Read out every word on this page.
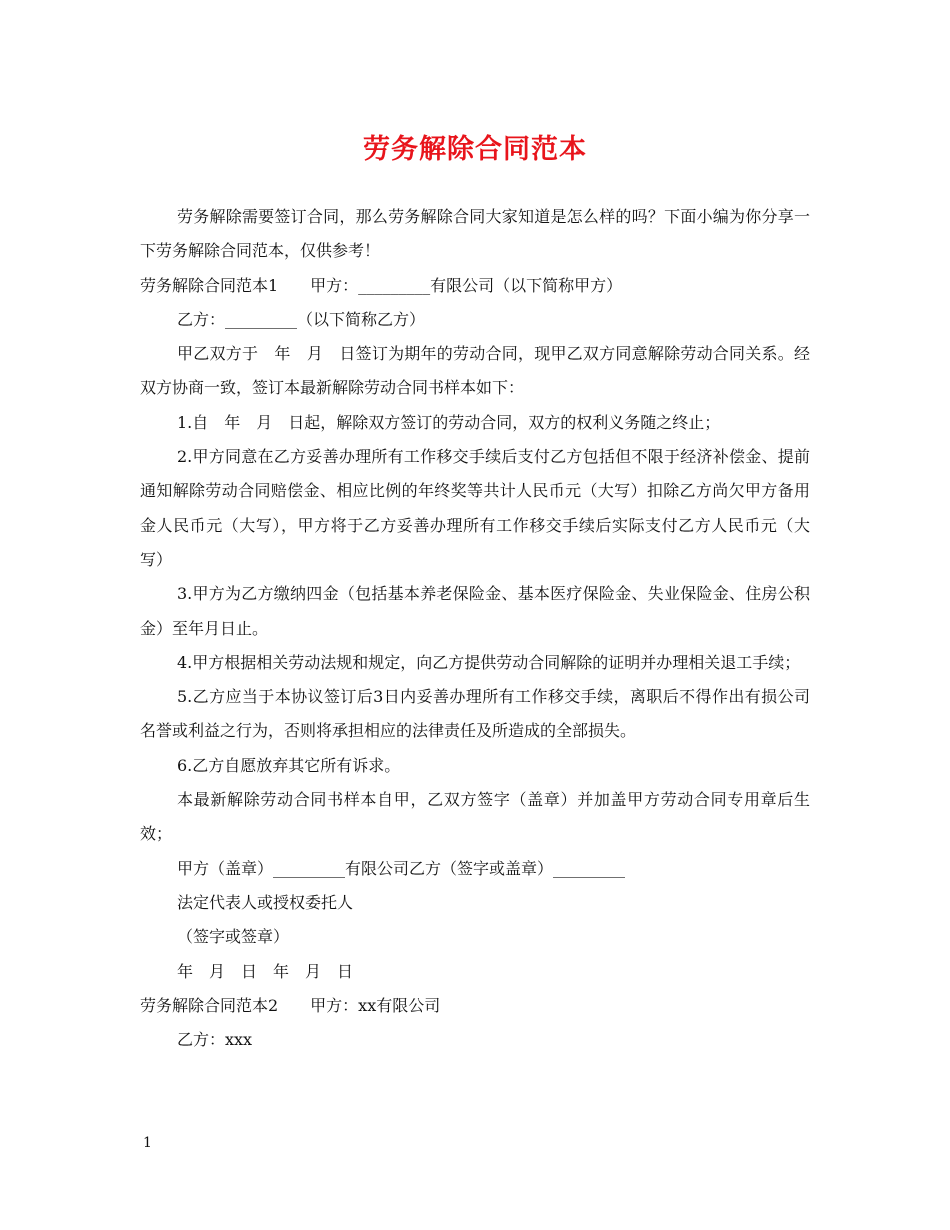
劳务解除合同范本

劳务解除需要签订合同，那么劳务解除合同大家知道是怎么样的吗？下面小编为你分享一下劳务解除合同范本，仅供参考！

劳务解除合同范本1　　甲方：_________有限公司（以下简称甲方）

乙方：_________（以下简称乙方）

甲乙双方于　年　月　日签订为期年的劳动合同，现甲乙双方同意解除劳动合同关系。经双方协商一致，签订本最新解除劳动合同书样本如下：

1.自　年　月　日起，解除双方签订的劳动合同，双方的权利义务随之终止；

2.甲方同意在乙方妥善办理所有工作移交手续后支付乙方包括但不限于经济补偿金、提前通知解除劳动合同赔偿金、相应比例的年终奖等共计人民币元（大写）扣除乙方尚欠甲方备用金人民币元（大写），甲方将于乙方妥善办理所有工作移交手续后实际支付乙方人民币元（大写）

3.甲方为乙方缴纳四金（包括基本养老保险金、基本医疗保险金、失业保险金、住房公积金）至年月日止。

4.甲方根据相关劳动法规和规定，向乙方提供劳动合同解除的证明并办理相关退工手续；

5.乙方应当于本协议签订后3日内妥善办理所有工作移交手续，离职后不得作出有损公司名誉或利益之行为，否则将承担相应的法律责任及所造成的全部损失。

6.乙方自愿放弃其它所有诉求。

本最新解除劳动合同书样本自甲，乙双方签字（盖章）并加盖甲方劳动合同专用章后生效；

甲方（盖章）_________有限公司乙方（签字或盖章）_________

法定代表人或授权委托人

（签字或签章）

年　月　日　年　月　日

劳务解除合同范本2　　甲方：xx有限公司

乙方：xxx

1
